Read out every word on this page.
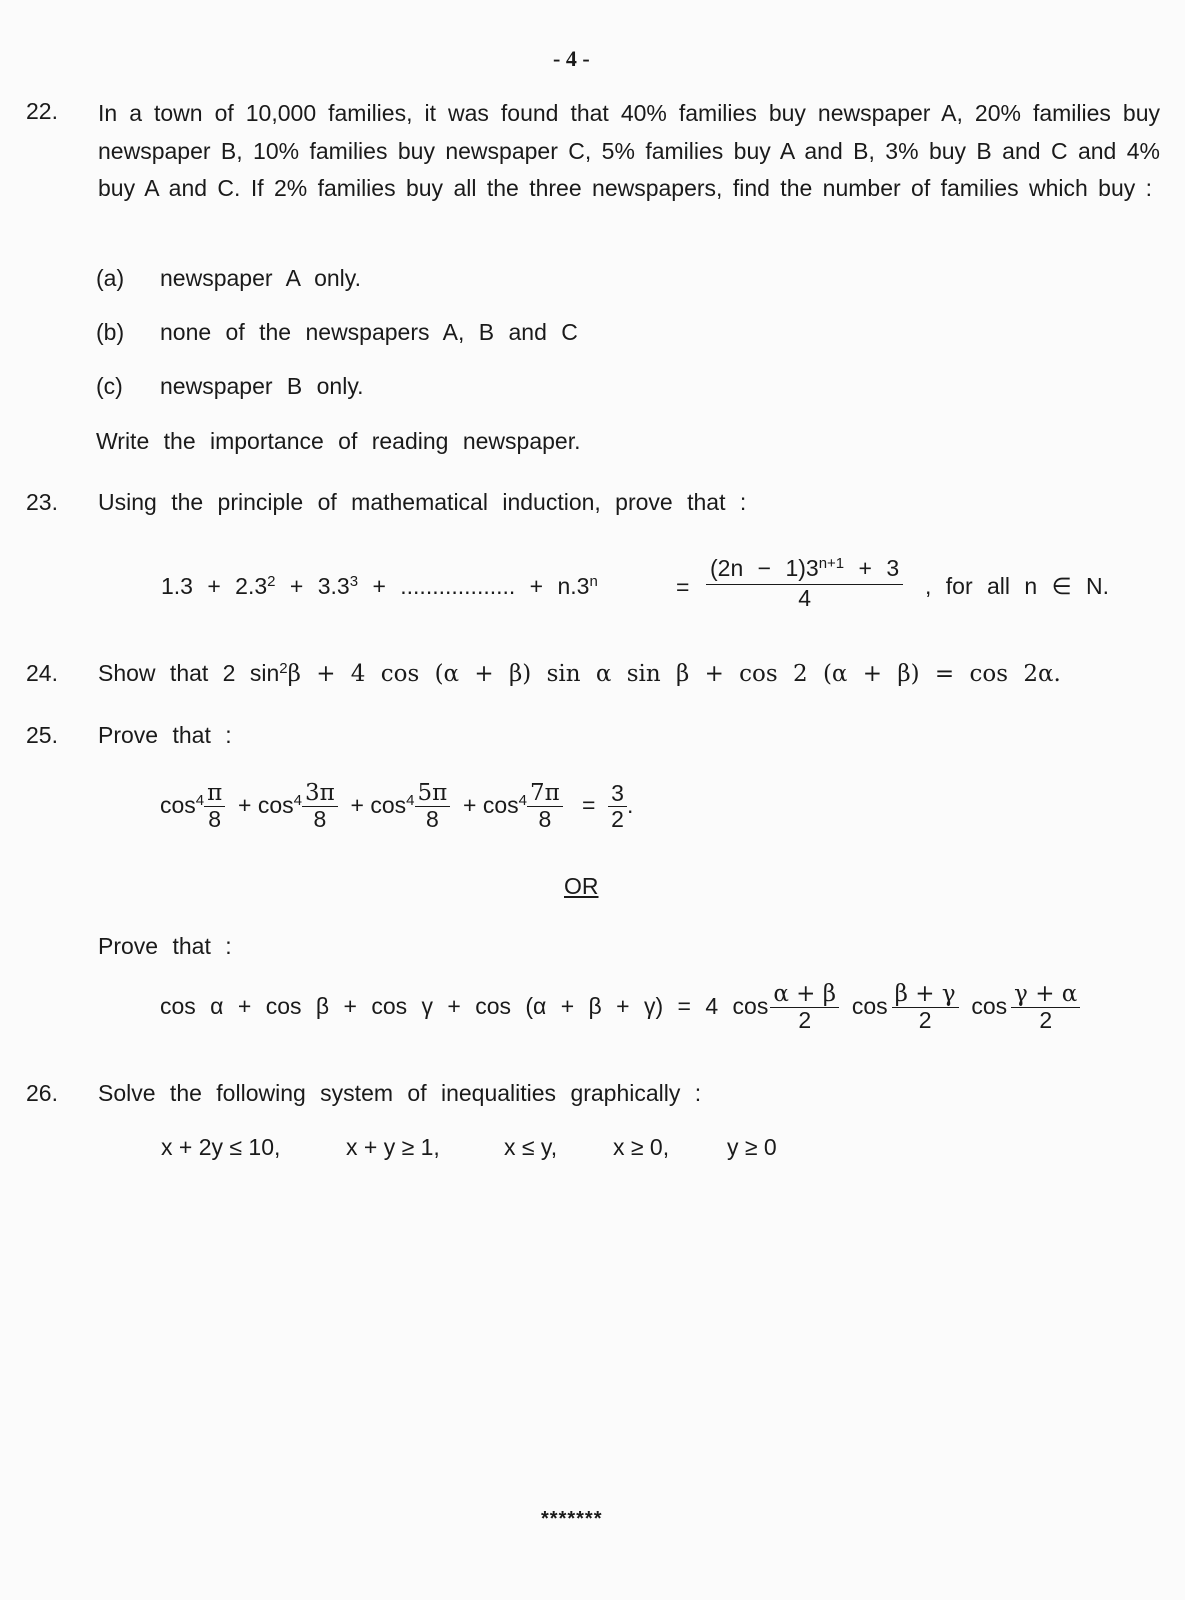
- 4 -
22. In a town of 10,000 families, it was found that 40% families buy newspaper A, 20% families buy newspaper B, 10% families buy newspaper C, 5% families buy A and B, 3% buy B and C and 4% buy A and C. If 2% families buy all the three newspapers, find the number of families which buy :
(a) newspaper A only.
(b) none of the newspapers A, B and C
(c) newspaper B only.
Write the importance of reading newspaper.
23. Using the principle of mathematical induction, prove that :
$1.3 + 2.3^2 + 3.3^3$ + .................. + $n.3^n$	=
$(2n - 1)3^{n+1} + 3$
4	, for all n ∈ N.
24. Show that 2 $\sin^2\beta + 4$ cos (α + β) sin α sin β + cos 2 (α + β) = cos 2α.
25. Prove that :
$\cos^4 \frac{\pi}{8} + \cos^4 \frac{3\pi}{8} + \cos^4 \frac{5\pi}{8} + \cos^4 \frac{7\pi}{8} = \frac{3}{2}$ .
OR
Prove that :
cos α + cos β + cos γ + cos (α + β + γ) = 4 $\cos \frac{\alpha + \beta}{2}$ $\cos \frac{\beta + \gamma}{2}$ $\cos \frac{\gamma + \alpha}{2}$
26. Solve the following system of inequalities graphically :
x + 2y ≤ 10,	x + y ≥ 1,	x ≤ y, x ≥ 0,	y ≥ 0
*******
